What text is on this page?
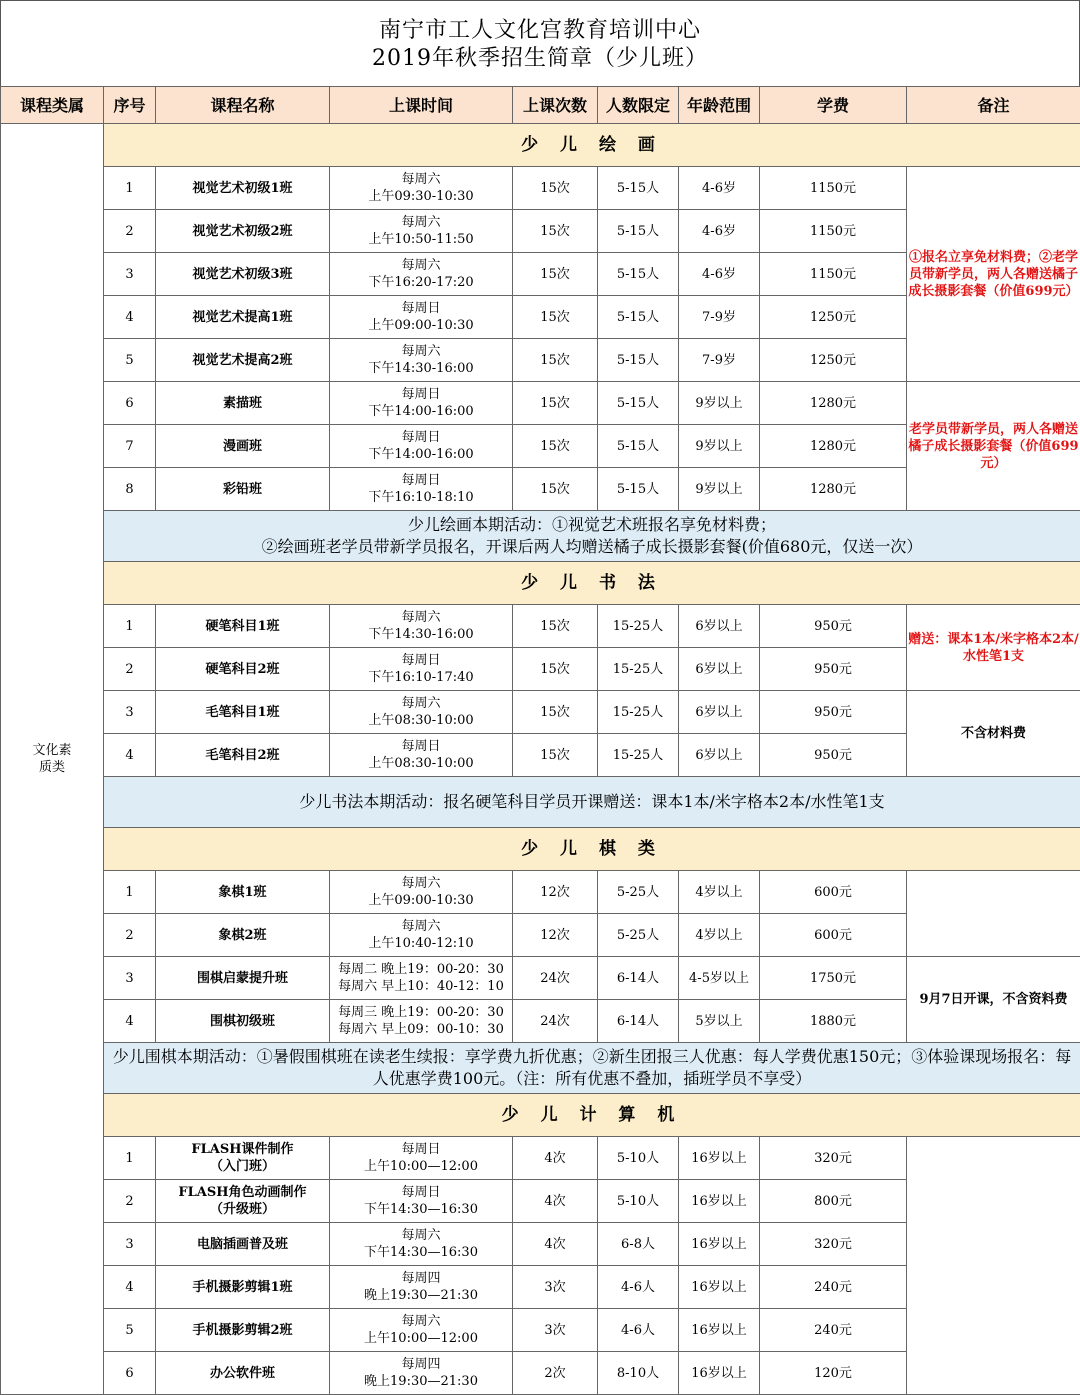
南宁市工人文化宫教育培训中心
2019年秋季招生简章（少儿班）
课程类属	序号	课程名称	上课时间	上课次数	人数限定	年龄范围	学费	备注
文化素质类	少 儿 绘 画							
	1	视觉艺术初级1班	每周六
上午09:30-10:30	15次	5-15人	4-6岁	1150元	①报名立享免材料费；②老学员带新学员，两人各赠送橘子成长摄影套餐（价值699元）
	2	视觉艺术初级2班	每周六
上午10:50-11:50	15次	5-15人	4-6岁	1150元	
	3	视觉艺术初级3班	每周六
下午16:20-17:20	15次	5-15人	4-6岁	1150元	
	4	视觉艺术提高1班	每周日
上午09:00-10:30	15次	5-15人	7-9岁	1250元	
	5	视觉艺术提高2班	每周六
下午14:30-16:00	15次	5-15人	7-9岁	1250元	
	6	素描班	每周日
下午14:00-16:00	15次	5-15人	9岁以上	1280元	老学员带新学员，两人各赠送橘子成长摄影套餐（价值699元）
	7	漫画班	每周日
下午14:00-16:00	15次	5-15人	9岁以上	1280元	
	8	彩铅班	每周日
下午16:10-18:10	15次	5-15人	9岁以上	1280元	

	少儿绘画本期活动：①视觉艺术班报名享免材料费；
②绘画班老学员带新学员报名，开课后两人均赠送橘子成长摄影套餐(价值680元，仅送一次）							

	少 儿 书 法							
	1	硬笔科目1班	每周六
下午14:30-16:00	15次	15-25人	6岁以上	950元	赠送：课本1本/米字格本2本/水性笔1支
	2	硬笔科目2班	每周日
下午16:10-17:40	15次	15-25人	6岁以上	950元	
	3	毛笔科目1班	每周六
上午08:30-10:00	15次	15-25人	6岁以上	950元	不含材料费
	4	毛笔科目2班	每周日
上午08:30-10:00	15次	15-25人	6岁以上	950元	
	少儿书法本期活动：报名硬笔科目学员开课赠送：课本1本/米字格本2本/水性笔1支							
	少 儿 棋 类							
	1	象棋1班	每周六
上午09:00-10:30	12次	5-25人	4岁以上	600元	
	2	象棋2班	每周六
上午10:40-12:10	12次	5-25人	4岁以上	600元	
	3	围棋启蒙提升班	每周二 晚上19：00-20：30
每周六 早上10：40-12：10	24次	6-14人	4-5岁以上	1750元	9月7日开课，不含资料费
	4	围棋初级班	每周三 晚上19：00-20：30
每周六 早上09：00-10：30	24次	6-14人	5岁以上	1880元	
	少儿围棋本期活动：①暑假围棋班在读老生续报：享学费九折优惠；②新生团报三人优惠：每人学费优惠150元；③体验课现场报名：每人优惠学费100元。（注：所有优惠不叠加，插班学员不享受）							
	少 儿 计 算 机							
	1	FLASH课件制作（入门班）	每周日
上午10:00—12:00	4次	5-10人	16岁以上	320元	
	2	FLASH角色动画制作（升级班）	每周日
下午14:30—16:30	4次	5-10人	16岁以上	800元	
	3	电脑插画普及班	每周六
下午14:30—16:30	4次	6-8人	16岁以上	320元	
	4	手机摄影剪辑1班	每周四
晚上19:30—21:30	3次	4-6人	16岁以上	240元	
	5	手机摄影剪辑2班	每周六
上午10:00—12:00	3次	4-6人	16岁以上	240元	
	6	办公软件班	每周四
晚上19:30—21:30	2次	8-10人	16岁以上	120元	
